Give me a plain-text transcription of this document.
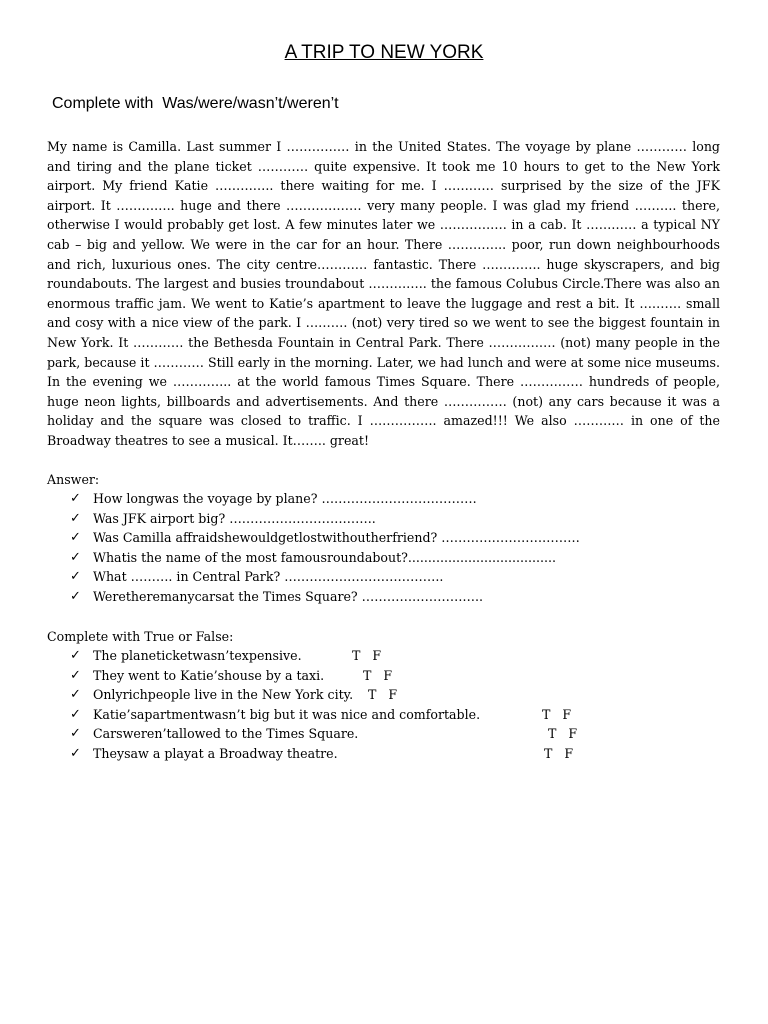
A TRIP TO NEW YORK
Complete with  Was/were/wasn’t/weren’t

My name is Camilla. Last summer I …………… in the United States. The voyage by plane ………… long and tiring and the plane ticket ………… quite expensive. It took me 10 hours to get to the New York airport. My friend Katie ………….. there waiting for me. I ………… surprised by the size of the JFK airport. It ………….. huge and there ……………… very many people. I was glad my friend ………. there, otherwise I would probably get lost. A few minutes later we ……………. in a cab. It ………… a typical NY cab – big and yellow. We were in the car for an hour. There ………….. poor, run down neighbourhoods and rich, luxurious ones. The city centre………… fantastic. There ………….. huge skyscrapers, and big roundabouts. The largest and busies troundabout ………….. the famous Colubus Circle.There was also an enormous traffic jam. We went to Katie’s apartment to leave the luggage and rest a bit. It ………. small and cosy with a nice view of the park. I ………. (not) very tired so we went to see the biggest fountain in New York. It ………… the Bethesda Fountain in Central Park. There ……………. (not) many people in the park, because it ………… Still early in the morning. Later, we had lunch and were at some nice museums. In the evening we ………….. at the world famous Times Square. There …………… hundreds of people, huge neon lights, billboards and advertisements. And there …………… (not) any cars because it was a holiday and the square was closed to traffic. I ……………. amazed!!! We also ………… in one of the Broadway theatres to see a musical. It…….. great!

Answer:
✓ How longwas the voyage by plane? ……………………………….
✓ Was JFK airport big? ……………………………..
✓ Was Camilla affraidshewouldgetlostwithoutherfriend? ……………………………
✓ Whatis the name of the most famousroundabout?.....................................
✓ What ………. in Central Park? ………………………………..
✓ Weretheremanycarsat the Times Square? ………………………..
Complete with True or False:
✓ The planeticketwasn’texpensive.	T   F
✓ They went to Katie’shouse by a taxi.	T   F
✓ Onlyrichpeople live in the New York city. T   F
✓ Katie’sapartmentwasn’t big but it was nice and comfortable.	T   F
✓ Carsweren’tallowed to the Times Square.	T   F
✓ Theysaw a playat a Broadway theatre.	T   F
